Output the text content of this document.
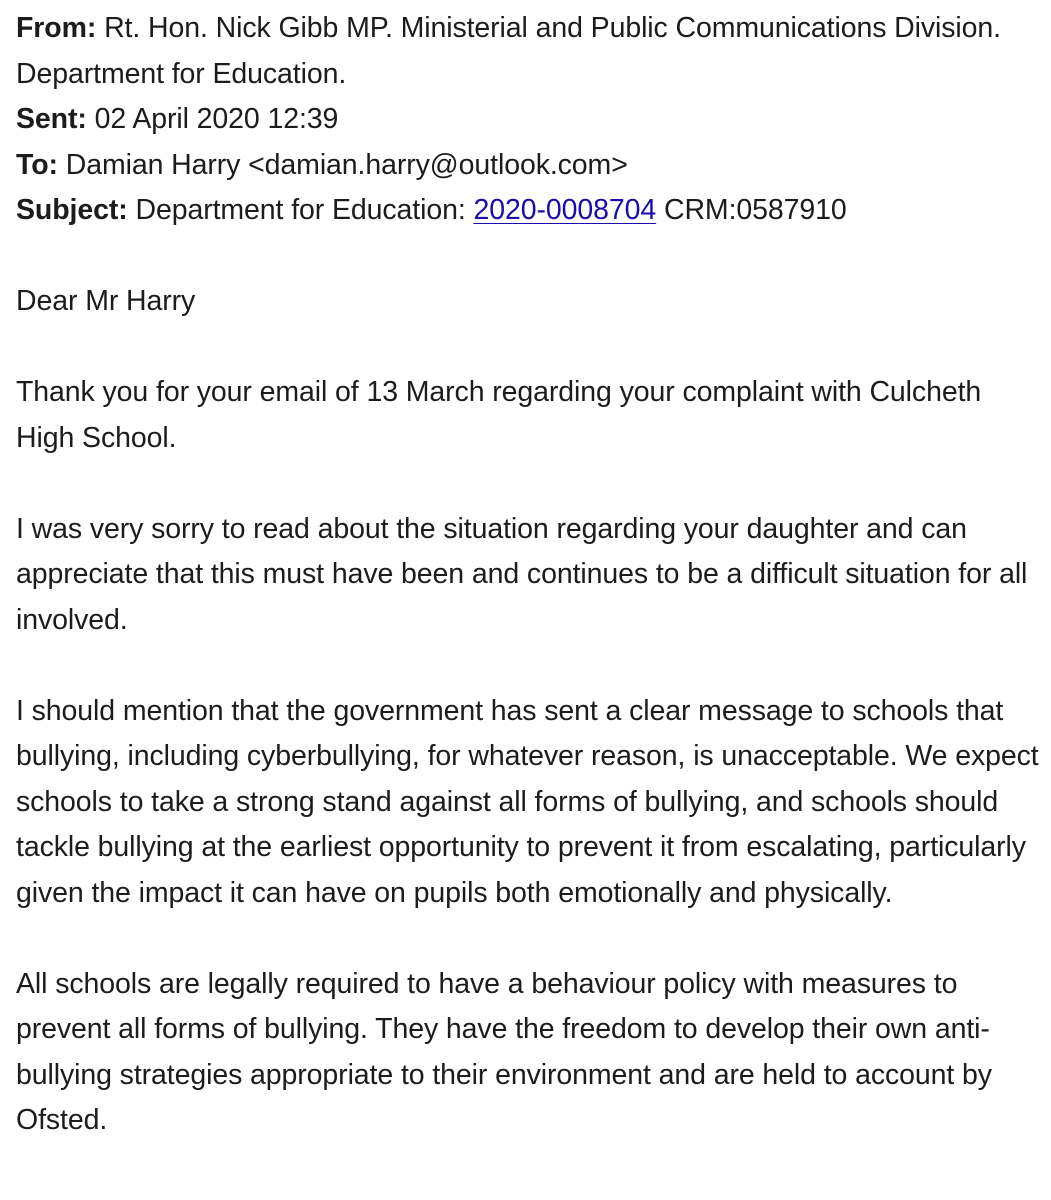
From: Rt. Hon. Nick Gibb MP. Ministerial and Public Communications Division. Department for Education.

Sent: 02 April 2020 12:39

To: Damian Harry <damian.harry@outlook.com>

Subject: Department for Education: 2020-0008704 CRM:0587910

Dear Mr Harry

Thank you for your email of 13 March regarding your complaint with Culcheth High School.

I was very sorry to read about the situation regarding your daughter and can appreciate that this must have been and continues to be a difficult situation for all involved.

I should mention that the government has sent a clear message to schools that bullying, including cyberbullying, for whatever reason, is unacceptable. We expect schools to take a strong stand against all forms of bullying, and schools should tackle bullying at the earliest opportunity to prevent it from escalating, particularly given the impact it can have on pupils both emotionally and physically.

All schools are legally required to have a behaviour policy with measures to prevent all forms of bullying. They have the freedom to develop their own anti-bullying strategies appropriate to their environment and are held to account by Ofsted.
